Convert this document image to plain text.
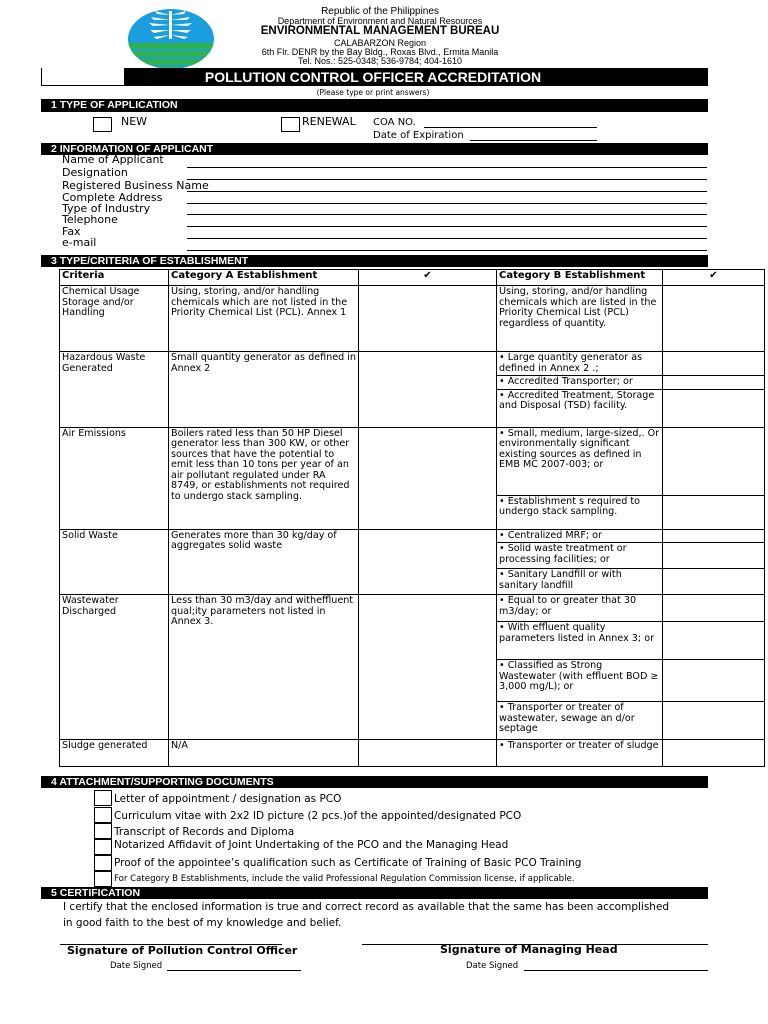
Republic of the Philippines
Department of Environment and Natural Resources
ENVIRONMENTAL MANAGEMENT BUREAU
CALABARZON Region
6th Flr. DENR by the Bay Bldg., Roxas Blvd., Ermita Manila
Tel. Nos.: 525-0348; 536-9784; 404-1610
POLLUTION CONTROL OFFICER ACCREDITATION
(Please type or print answers)
1 TYPE OF APPLICATION
NEW	RENEWAL COA NO.
Date of Expiration
2 INFORMATION OF APPLICANT
Name of Applicant
Designation
Registered Business Name
Complete Address
Type of Industry
Telephone
Fax
e-mail
3 TYPE/CRITERIA OF ESTABLISHMENT
Criteria	Category A Establishment	✔	Category B Establishment	✔
Chemical Usage Storage and/or Handling	Using, storing, and/or handling chemicals which are not listed in the Priority Chemical List (PCL). Annex 1		Using, storing, and/or handling chemicals which are listed in the Priority Chemical List (PCL) regardless of quantity.	
Hazardous Waste Generated	Small quantity generator as defined in Annex 2		• Large quantity generator as defined in Annex 2 .;	
			• Accredited Transporter; or	
			• Accredited Treatment, Storage and Disposal (TSD) facility.	
Air Emissions	Boilers rated less than 50 HP Diesel generator less than 300 KW, or other sources that have the potential to emit less than 10 tons per year of an air pollutant regulated under RA 8749, or establishments not required to undergo stack sampling.		• Small, medium, large-sized,. Or environmentally significant existing sources as defined in EMB MC 2007-003; or	
			• Establishment s required to undergo stack sampling.	
Solid Waste	Generates more than 30 kg/day of aggregates solid waste		• Centralized MRF; or	
			• Solid waste treatment or processing facilities; or	
			• Sanitary Landfill or with sanitary landfill	
Wastewater Discharged	Less than 30 m3/day and witheffluent qual;ity parameters not listed in Annex 3.		• Equal to or greater that 30 m3/day; or	
			• With effluent quality parameters listed in Annex 3; or	
			• Classified as Strong Wastewater (with effluent BOD ≥ 3,000 mg/L); or	
			• Transporter or treater of wastewater, sewage an d/or septage	
Sludge generated	N/A		• Transporter or treater of sludge	
4 ATTACHMENT/SUPPORTING DOCUMENTS
Letter of appointment / designation as PCO
Curriculum vitae with 2x2 ID picture (2 pcs.)of the appointed/designated PCO
Transcript of Records and Diploma
Notarized Affidavit of Joint Undertaking of the PCO and the Managing Head
Proof of the appointee’s qualification such as Certificate of Training of Basic PCO Training
For Category B Establishments, include the valid Professional Regulation Commission license, if applicable.
5 CERTIFICATION
I certify that the enclosed information is true and correct record as available that the same has been accomplished
in good faith to the best of my knowledge and belief.
Signature of Pollution Control Officer
Date Signed
Signature of Managing Head
Date Signed
